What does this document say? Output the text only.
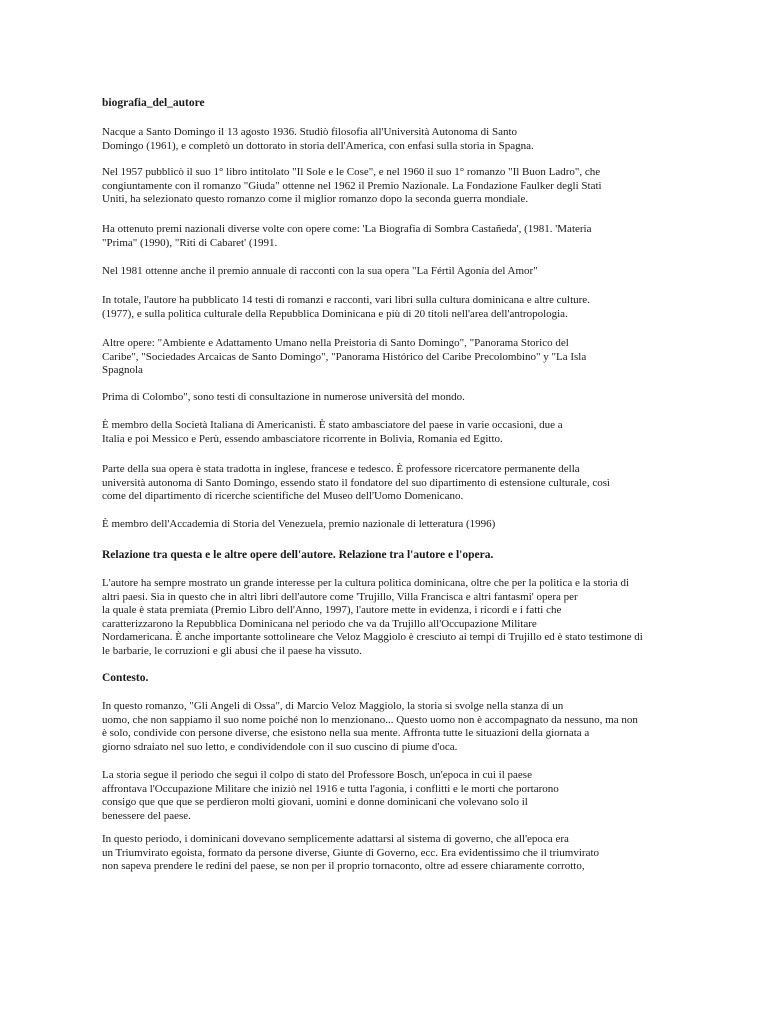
biografia_del_autore
Nacque a Santo Domingo il 13 agosto 1936. Studiò filosofia all'Università Autonoma di Santo
Domingo (1961), e completò un dottorato in storia dell'America, con enfasi sulla storia in Spagna.
Nel 1957 pubblicò il suo 1° libro intitolato "Il Sole e le Cose", e nel 1960 il suo 1° romanzo "Il Buon Ladro", che
congiuntamente con il romanzo "Giuda" ottenne nel 1962 il Premio Nazionale. La Fondazione Faulker degli Stati
Uniti, ha selezionato questo romanzo come il miglior romanzo dopo la seconda guerra mondiale.
Ha ottenuto premi nazionali diverse volte con opere come: 'La Biografia di Sombra Castañeda', (1981. 'Materia
"Prima" (1990), "Riti di Cabaret' (1991.
Nel 1981 ottenne anche il premio annuale di racconti con la sua opera "La Fértil Agonía del Amor"
In totale, l'autore ha pubblicato 14 testi di romanzi e racconti, vari libri sulla cultura dominicana e altre culture.
(1977), e sulla politica culturale della Repubblica Dominicana e più di 20 titoli nell'area dell'antropologia.
Altre opere: "Ambiente e Adattamento Umano nella Preistoria di Santo Domingo", "Panorama Storico del
Caribe", "Sociedades Arcaicas de Santo Domingo", "Panorama Histórico del Caribe Precolombino" y "La Isla
Spagnola
Prima di Colombo", sono testi di consultazione in numerose università del mondo.
È membro della Società Italiana di Americanisti. È stato ambasciatore del paese in varie occasioni, due a
Italia e poi Messico e Perù, essendo ambasciatore ricorrente in Bolivia, Romania ed Egitto.
Parte della sua opera è stata tradotta in inglese, francese e tedesco. È professore ricercatore permanente della
università autonoma di Santo Domingo, essendo stato il fondatore del suo dipartimento di estensione culturale, così
come del dipartimento di ricerche scientifiche del Museo dell'Uomo Domenicano.
È membro dell'Accademia di Storia del Venezuela, premio nazionale di letteratura (1996)
Relazione tra questa e le altre opere dell'autore. Relazione tra l'autore e l'opera.
L'autore ha sempre mostrato un grande interesse per la cultura politica dominicana, oltre che per la politica e la storia di
altri paesi. Sia in questo che in altri libri dell'autore come 'Trujillo, Villa Francisca e altri fantasmi' opera per
la quale è stata premiata (Premio Libro dell'Anno, 1997), l'autore mette in evidenza, i ricordi e i fatti che
caratterizzarono la Repubblica Dominicana nel periodo che va da Trujillo all'Occupazione Militare
Nordamericana. È anche importante sottolineare che Veloz Maggiolo è cresciuto ai tempi di Trujillo ed è stato testimone di
le barbarie, le corruzioni e gli abusi che il paese ha vissuto.
Contesto.
In questo romanzo, "Gli Angeli di Ossa", di Marcio Veloz Maggiolo, la storia si svolge nella stanza di un
uomo, che non sappiamo il suo nome poiché non lo menzionano... Questo uomo non è accompagnato da nessuno, ma non
è solo, condivide con persone diverse, che esistono nella sua mente. Affronta tutte le situazioni della giornata a
giorno sdraiato nel suo letto, e condividendole con il suo cuscino di piume d'oca.
La storia segue il periodo che seguì il colpo di stato del Professore Bosch, un'epoca in cui il paese
affrontava l'Occupazione Militare che iniziò nel 1916 e tutta l'agonia, i conflitti e le morti che portarono
consigo que que que se perdieron molti giovani, uomini e donne dominicani che volevano solo il
benessere del paese.
In questo periodo, i dominicani dovevano semplicemente adattarsi al sistema di governo, che all'epoca era
un Triumvirato egoista, formato da persone diverse, Giunte di Governo, ecc. Era evidentissimo che il triumvirato
non sapeva prendere le redini del paese, se non per il proprio tornaconto, oltre ad essere chiaramente corrotto,
